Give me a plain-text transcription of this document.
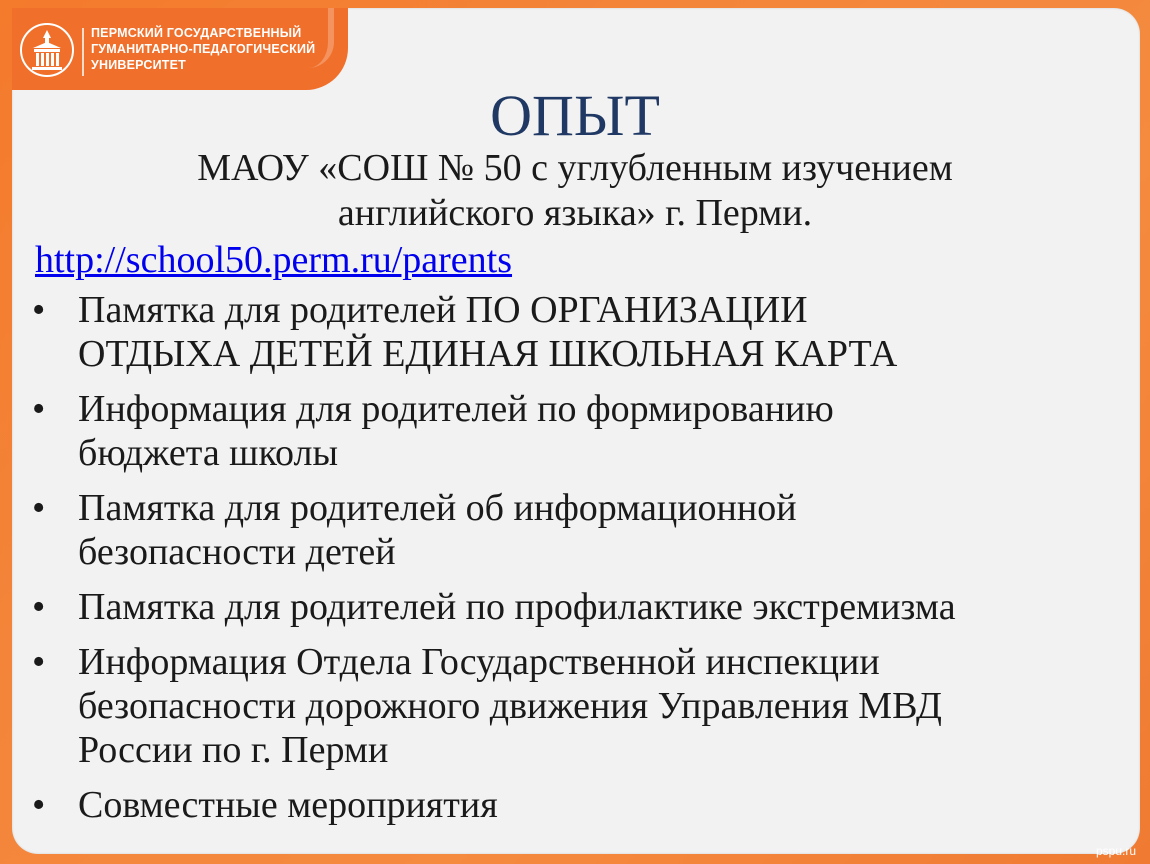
ПЕРМСКИЙ ГОСУДАРСТВЕННЫЙ
ГУМАНИТАРНО-ПЕДАГОГИЧЕСКИЙ
УНИВЕРСИТЕТ
ОПЫТ
МАОУ «СОШ № 50 с углубленным изучением
английского языка» г. Перми.
http://school50.perm.ru/parents
• Памятка для родителей ПО ОРГАНИЗАЦИИ
ОТДЫХА ДЕТЕЙ ЕДИНАЯ ШКОЛЬНАЯ КАРТА
• Информация для родителей по формированию
бюджета школы
• Памятка для родителей об информационной
безопасности детей
• Памятка для родителей по профилактике экстремизма
• Информация Отдела Государственной инспекции
безопасности дорожного движения Управления МВД
России по г. Перми
• Совместные мероприятия
pspu.ru
